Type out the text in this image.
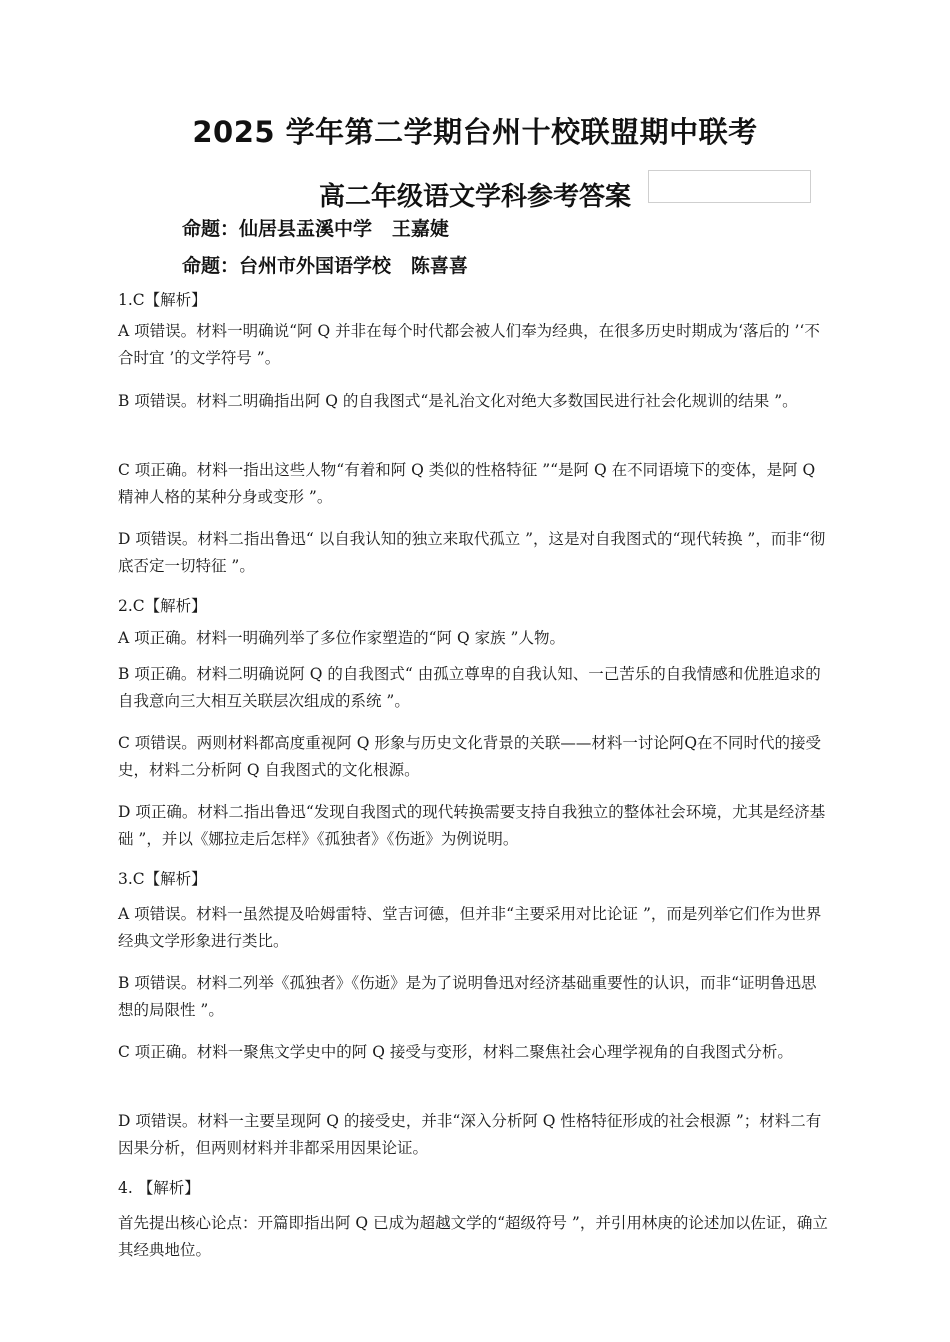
2025 学年第二学期台州十校联盟期中联考
高二年级语文学科参考答案
命题：仙居县盂溪中学   王嘉婕
命题：台州市外国语学校   陈喜喜
1.C【解析】
A 项错误。材料一明确说“阿 Q 并非在每个时代都会被人们奉为经典，在很多历史时期成为‘落后的 ’‘不合时宜 ’的文学符号 ”。
B 项错误。材料二明确指出阿 Q 的自我图式“是礼治文化对绝大多数国民进行社会化规训的结果 ”。
C 项正确。材料一指出这些人物“有着和阿 Q 类似的性格特征 ”“是阿 Q 在不同语境下的变体，是阿 Q 精神人格的某种分身或变形 ”。
D 项错误。材料二指出鲁迅“ 以自我认知的独立来取代孤立 ”，这是对自我图式的“现代转换 ”，而非“彻底否定一切特征 ”。
2.C【解析】
A 项正确。材料一明确列举了多位作家塑造的“阿 Q 家族 ”人物。
B 项正确。材料二明确说阿 Q 的自我图式“ 由孤立尊卑的自我认知、一己苦乐的自我情感和优胜追求的自我意向三大相互关联层次组成的系统 ”。
C 项错误。两则材料都高度重视阿 Q 形象与历史文化背景的关联——材料一讨论阿Q在不同时代的接受史，材料二分析阿 Q 自我图式的文化根源。
D 项正确。材料二指出鲁迅“发现自我图式的现代转换需要支持自我独立的整体社会环境，尤其是经济基础 ”，并以《娜拉走后怎样》《孤独者》《伤逝》为例说明。
3.C【解析】
A 项错误。材料一虽然提及哈姆雷特、堂吉诃德，但并非“主要采用对比论证 ”，而是列举它们作为世界经典文学形象进行类比。
B 项错误。材料二列举《孤独者》《伤逝》是为了说明鲁迅对经济基础重要性的认识，而非“证明鲁迅思想的局限性 ”。
C 项正确。材料一聚焦文学史中的阿 Q 接受与变形，材料二聚焦社会心理学视角的自我图式分析。
D 项错误。材料一主要呈现阿 Q 的接受史，并非“深入分析阿 Q 性格特征形成的社会根源 ”；材料二有因果分析，但两则材料并非都采用因果论证。
4. 【解析】
首先提出核心论点：开篇即指出阿 Q 已成为超越文学的“超级符号 ”，并引用林庚的论述加以佐证，确立其经典地位。
